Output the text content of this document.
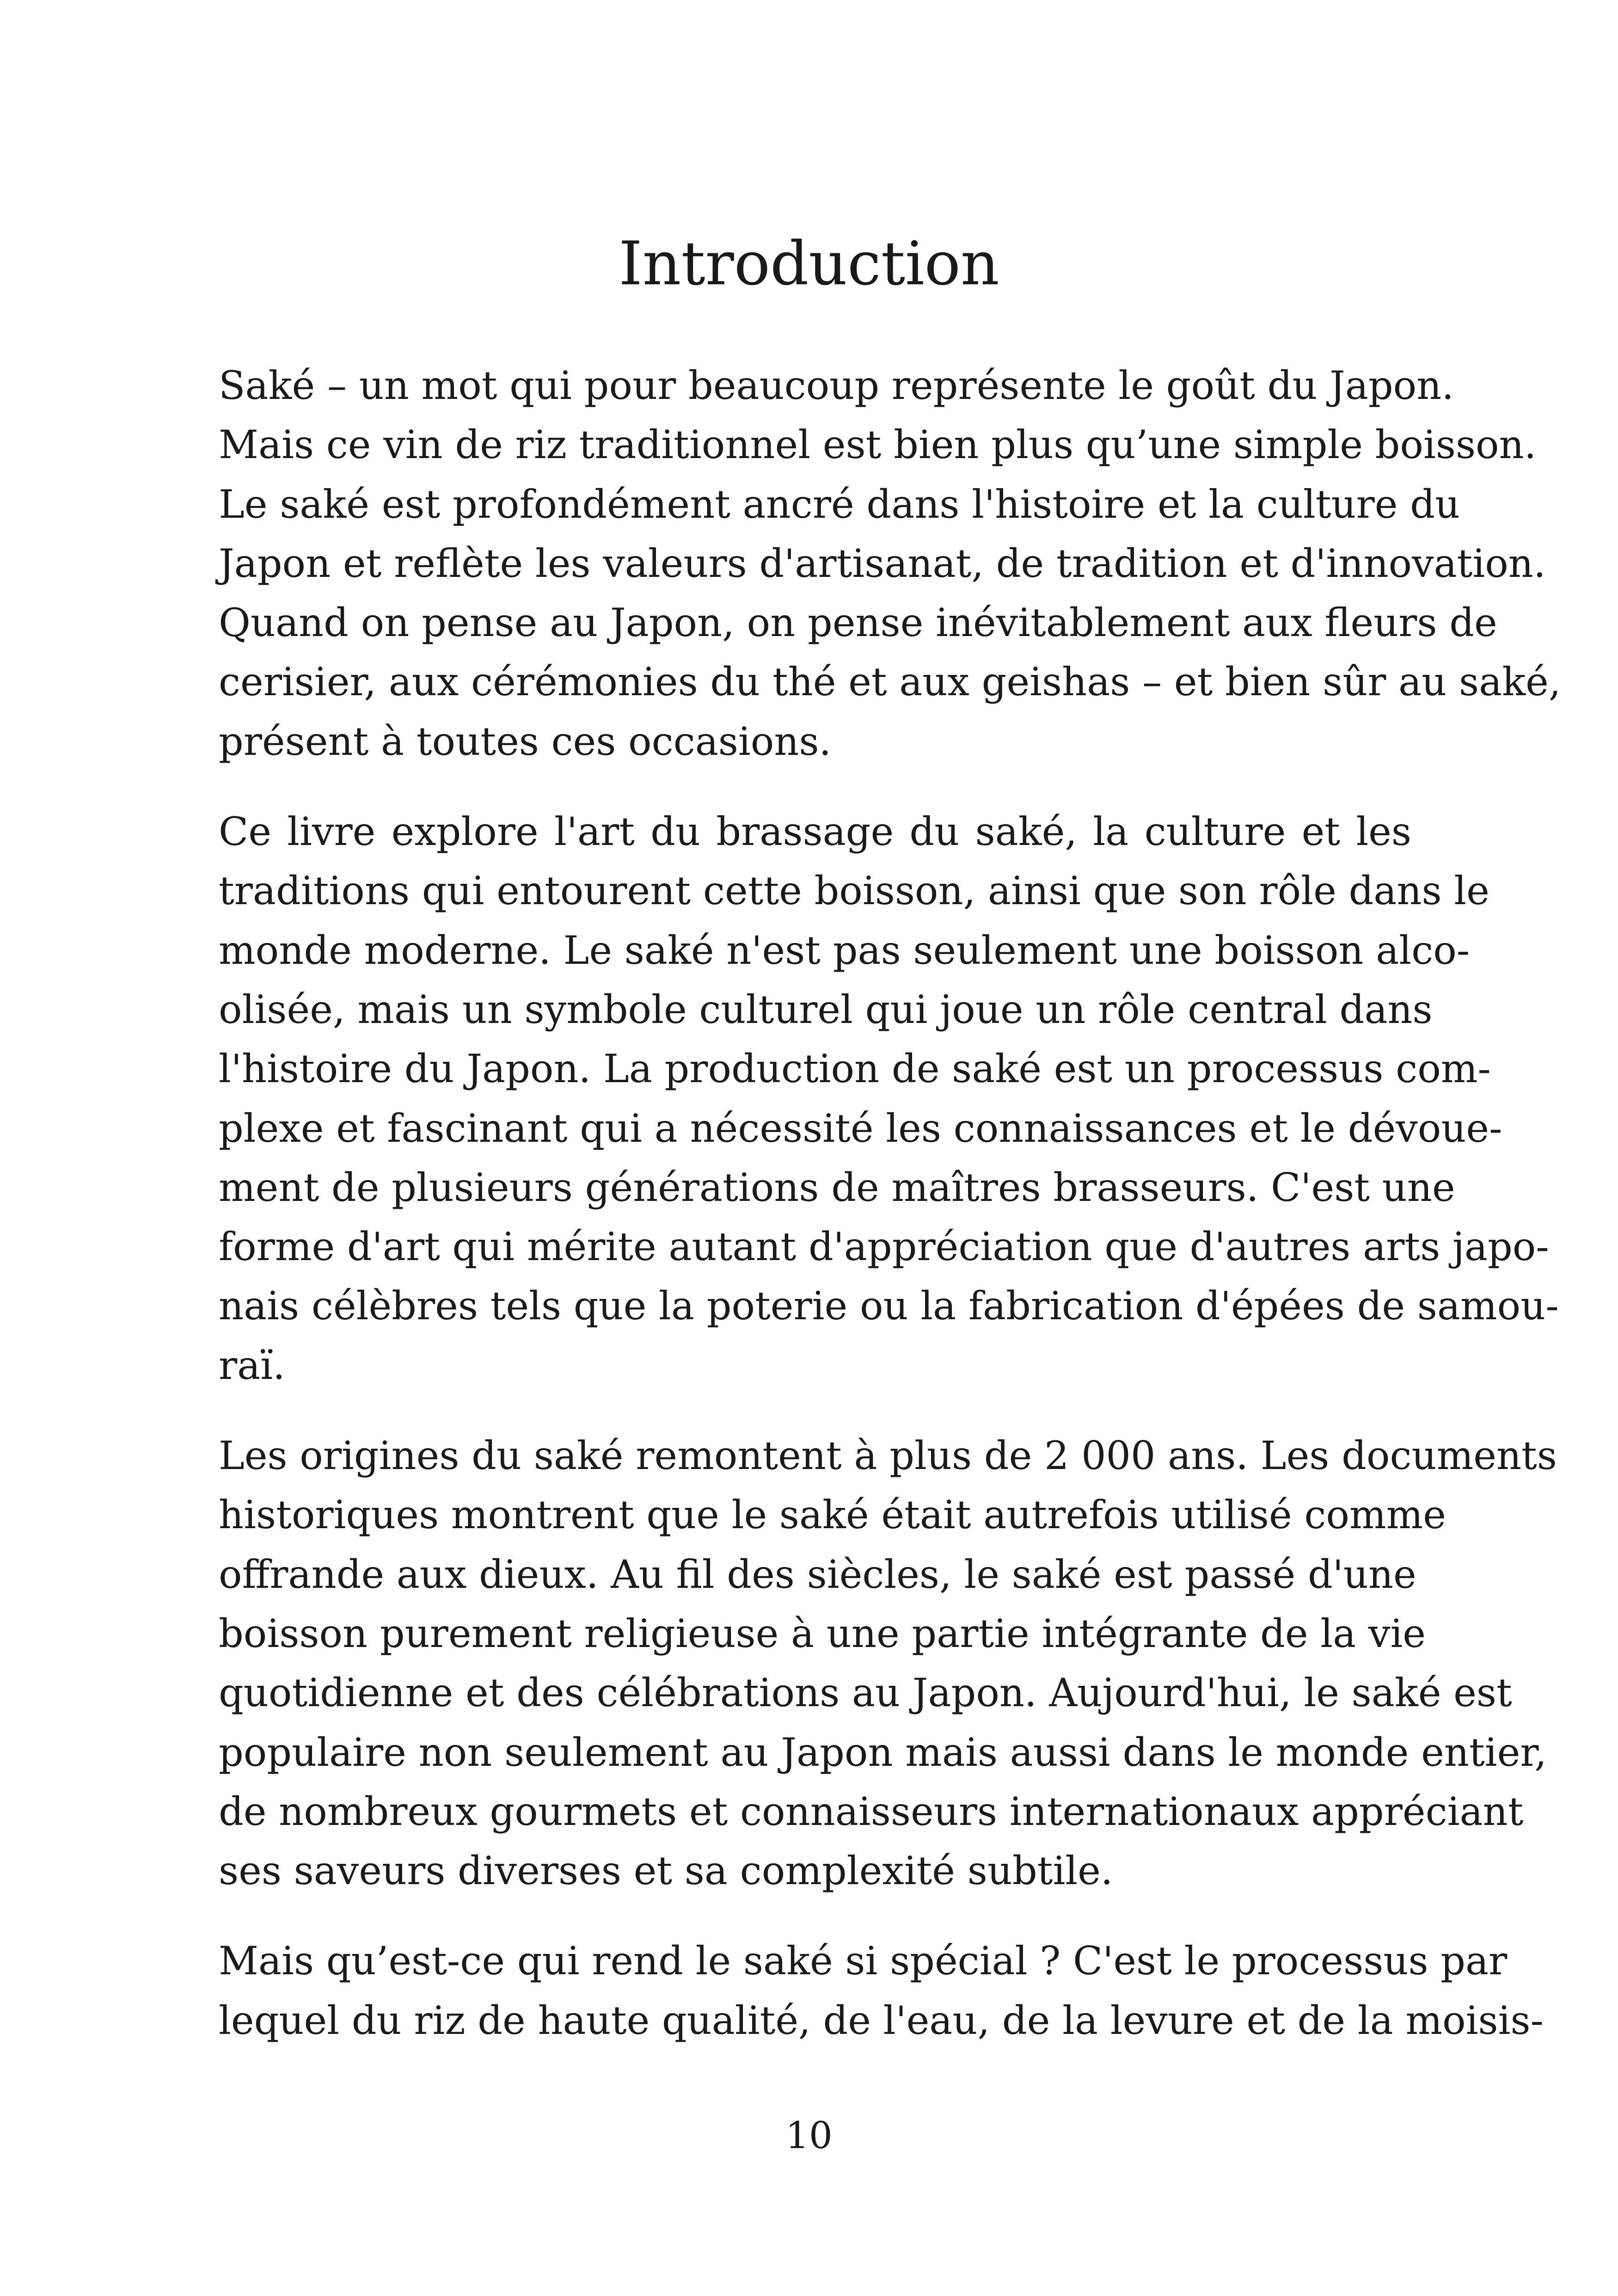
Introduction

Saké – un mot qui pour beaucoup représente le goût du Japon.
Mais ce vin de riz traditionnel est bien plus qu’une simple boisson.
Le saké est profondément ancré dans l'histoire et la culture du
Japon et reflète les valeurs d'artisanat, de tradition et d'innovation.
Quand on pense au Japon, on pense inévitablement aux fleurs de
cerisier, aux cérémonies du thé et aux geishas – et bien sûr au saké,
présent à toutes ces occasions.

Ce livre explore l'art du brassage du saké, la culture et les
traditions qui entourent cette boisson, ainsi que son rôle dans le
monde moderne. Le saké n'est pas seulement une boisson alco-
olisée, mais un symbole culturel qui joue un rôle central dans
l'histoire du Japon. La production de saké est un processus com-
plexe et fascinant qui a nécessité les connaissances et le dévoue-
ment de plusieurs générations de maîtres brasseurs. C'est une
forme d'art qui mérite autant d'appréciation que d'autres arts japo-
nais célèbres tels que la poterie ou la fabrication d'épées de samou-
raï.

Les origines du saké remontent à plus de 2 000 ans. Les documents
historiques montrent que le saké était autrefois utilisé comme
offrande aux dieux. Au fil des siècles, le saké est passé d'une
boisson purement religieuse à une partie intégrante de la vie
quotidienne et des célébrations au Japon. Aujourd'hui, le saké est
populaire non seulement au Japon mais aussi dans le monde entier,
de nombreux gourmets et connaisseurs internationaux appréciant
ses saveurs diverses et sa complexité subtile.

Mais qu’est-ce qui rend le saké si spécial ? C'est le processus par
lequel du riz de haute qualité, de l'eau, de la levure et de la moisis-

10
